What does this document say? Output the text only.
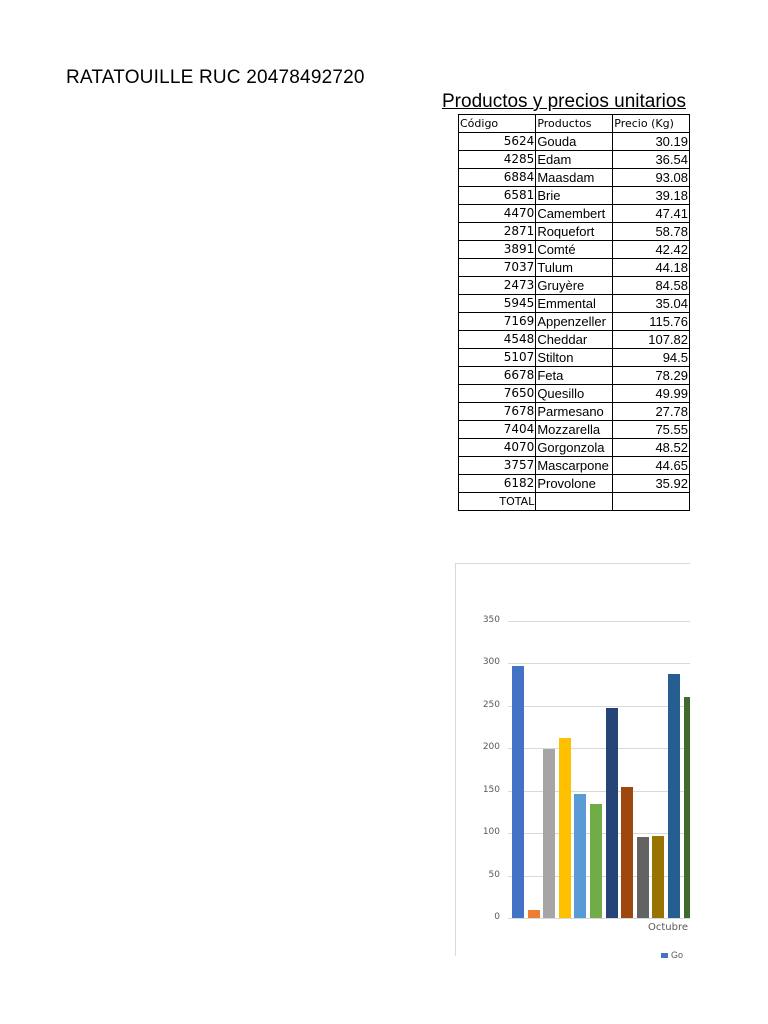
RATATOUILLE RUC 20478492720
Productos y precios unitarios
Código	Productos	Precio (Kg)
5624	Gouda	30.19
4285	Edam	36.54
6884	Maasdam	93.08
6581	Brie	39.18
4470	Camembert	47.41
2871	Roquefort	58.78
3891	Comté	42.42
7037	Tulum	44.18
2473	Gruyère	84.58
5945	Emmental	35.04
7169	Appenzeller	115.76
4548	Cheddar	107.82
5107	Stilton	94.5
6678	Feta	78.29
7650	Quesillo	49.99
7678	Parmesano	27.78
7404	Mozzarella	75.55
4070	Gorgonzola	48.52
3757	Mascarpone	44.65
6182	Provolone	35.92
TOTAL		
0
50
100
150
200
250
300
350
Octubre
Go
